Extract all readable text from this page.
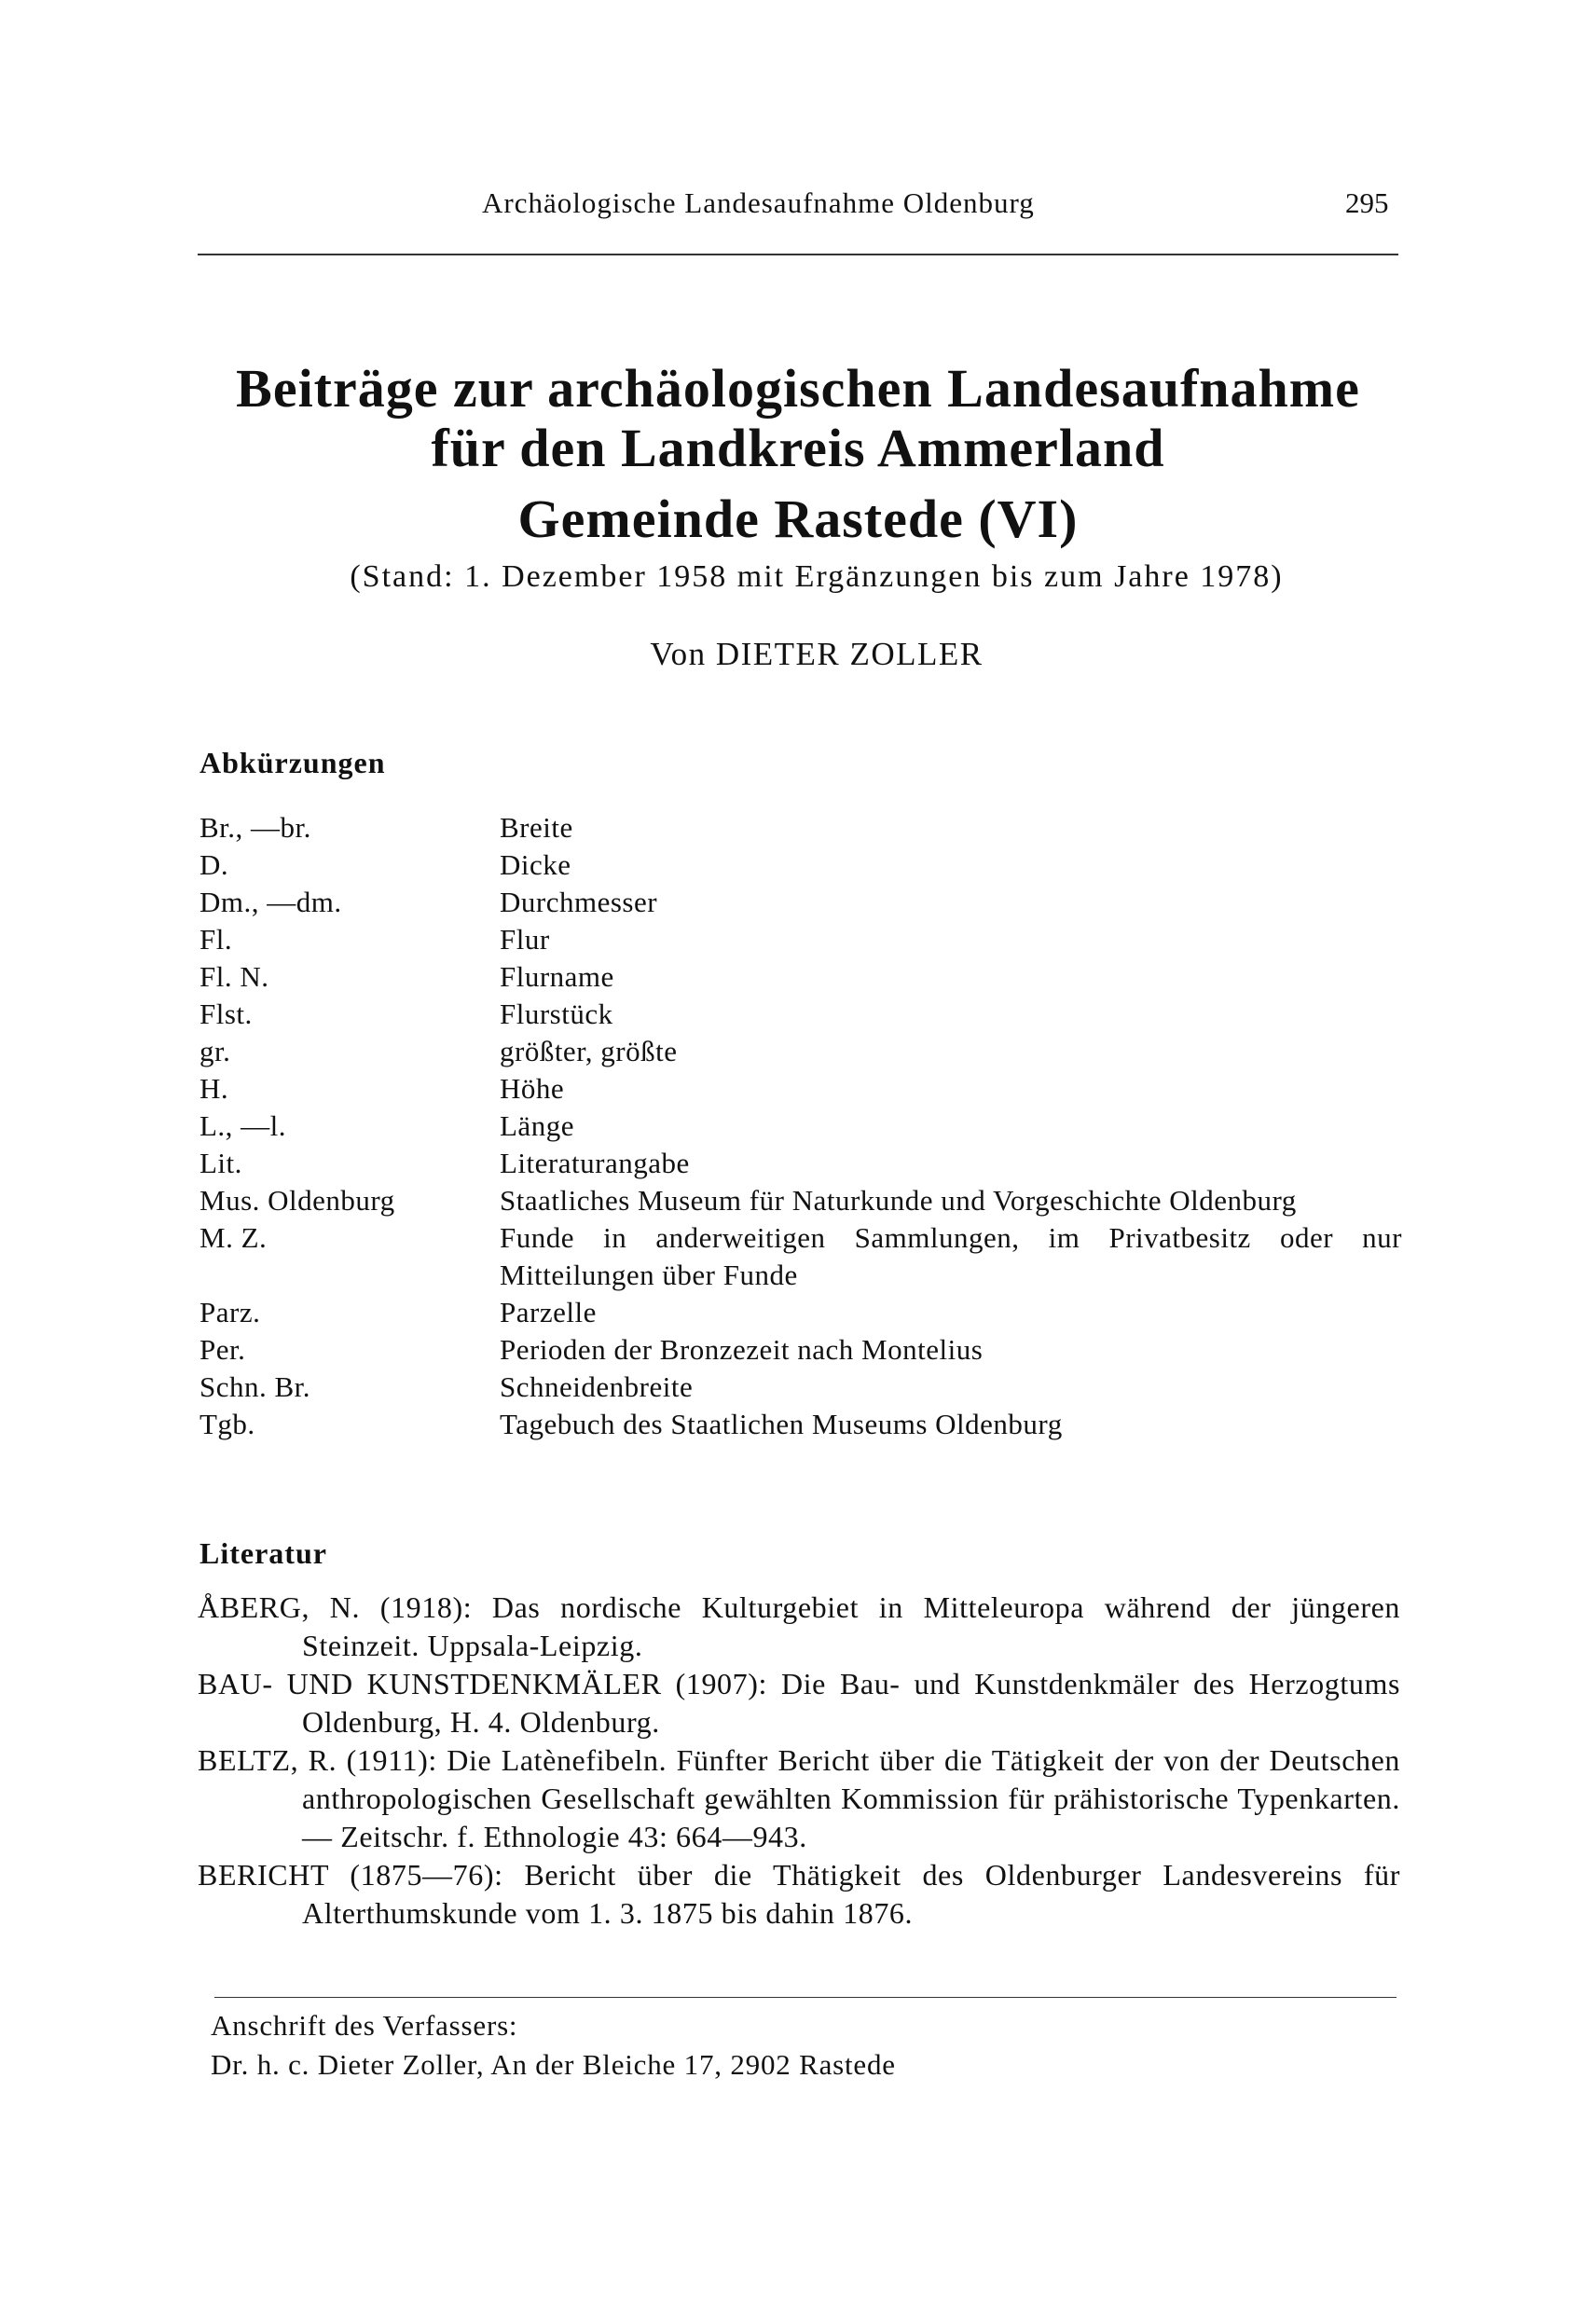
Archäologische Landesaufnahme Oldenburg	295
Beiträge zur archäologischen Landesaufnahme
für den Landkreis Ammerland
Gemeinde Rastede (VI)
(Stand: 1. Dezember 1958 mit Ergänzungen bis zum Jahre 1978)
Von DIETER ZOLLER
Abkürzungen
Br., —br.	Breite
D.	Dicke
Dm., —dm.	Durchmesser
Fl.	Flur
Fl. N.	Flurname
Flst.	Flurstück
gr.	größter, größte
H.	Höhe
L., —l.	Länge
Lit.	Literaturangabe
Mus. Oldenburg	Staatliches Museum für Naturkunde und Vorgeschichte Oldenburg
M. Z.	Funde in anderweitigen Sammlungen, im Privatbesitz oder nur Mitteilungen über Funde
Parz.	Parzelle
Per.	Perioden der Bronzezeit nach Montelius
Schn. Br.	Schneidenbreite
Tgb.	Tagebuch des Staatlichen Museums Oldenburg
Literatur
ÅBERG, N. (1918): Das nordische Kulturgebiet in Mitteleuropa während der jüngeren Steinzeit. Uppsala-Leipzig.
BAU- UND KUNSTDENKMÄLER (1907): Die Bau- und Kunstdenkmäler des Herzogtums Oldenburg, H. 4. Oldenburg.
BELTZ, R. (1911): Die Latènefibeln. Fünfter Bericht über die Tätigkeit der von der Deutschen anthropologischen Gesellschaft gewählten Kommission für prähistorische Typenkarten. — Zeitschr. f. Ethnologie 43: 664—943.
BERICHT (1875—76): Bericht über die Thätigkeit des Oldenburger Landesvereins für Alterthumskunde vom 1. 3. 1875 bis dahin 1876.
Anschrift des Verfassers:
Dr. h. c. Dieter Zoller, An der Bleiche 17, 2902 Rastede
